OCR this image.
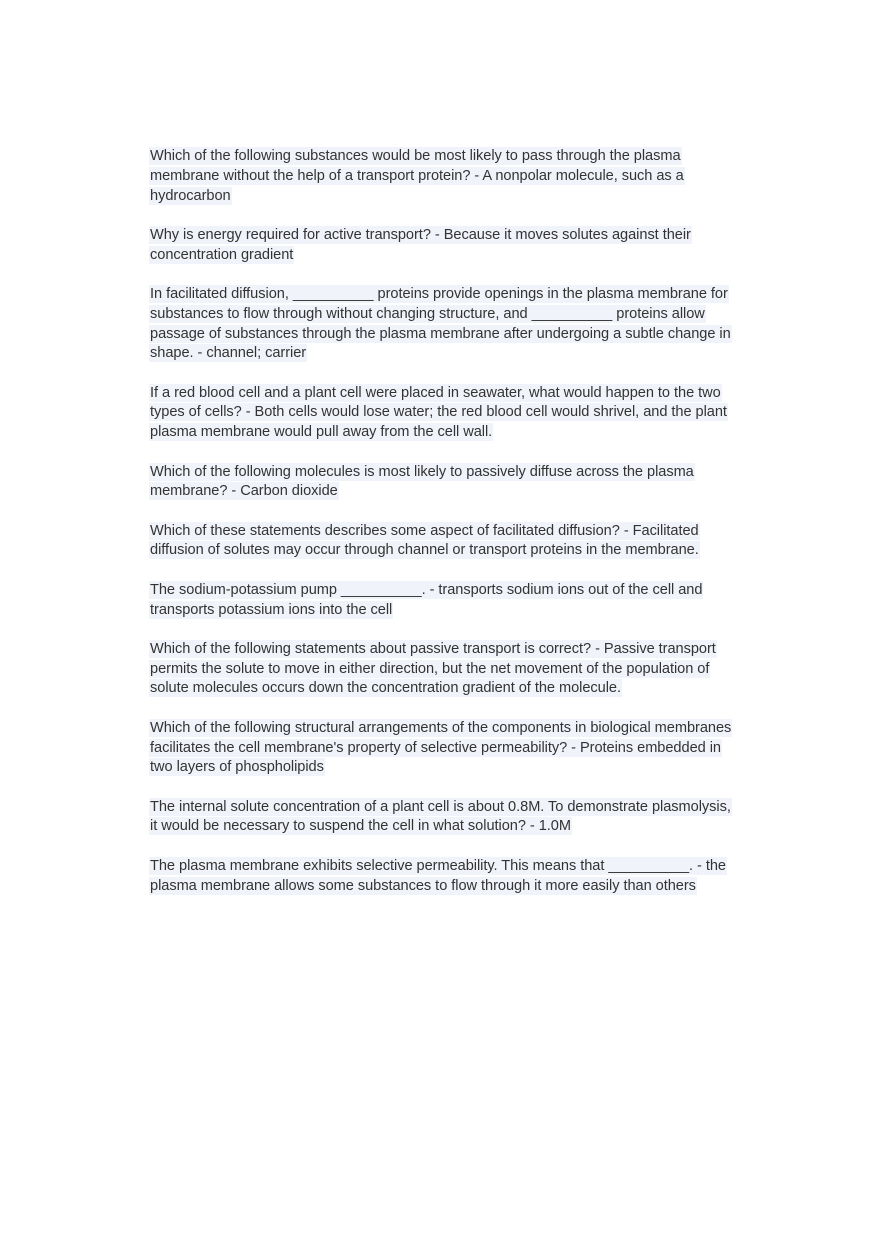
Which of the following substances would be most likely to pass through the plasma membrane without the help of a transport protein? - A nonpolar molecule, such as a hydrocarbon

Why is energy required for active transport? - Because it moves solutes against their concentration gradient

In facilitated diffusion, __________ proteins provide openings in the plasma membrane for substances to flow through without changing structure, and __________ proteins allow passage of substances through the plasma membrane after undergoing a subtle change in shape. - channel; carrier

If a red blood cell and a plant cell were placed in seawater, what would happen to the two types of cells? - Both cells would lose water; the red blood cell would shrivel, and the plant plasma membrane would pull away from the cell wall.

Which of the following molecules is most likely to passively diffuse across the plasma membrane? - Carbon dioxide

Which of these statements describes some aspect of facilitated diffusion? - Facilitated diffusion of solutes may occur through channel or transport proteins in the membrane.

The sodium-potassium pump __________. - transports sodium ions out of the cell and transports potassium ions into the cell

Which of the following statements about passive transport is correct? - Passive transport permits the solute to move in either direction, but the net movement of the population of solute molecules occurs down the concentration gradient of the molecule.

Which of the following structural arrangements of the components in biological membranes facilitates the cell membrane's property of selective permeability? - Proteins embedded in two layers of phospholipids

The internal solute concentration of a plant cell is about 0.8M. To demonstrate plasmolysis, it would be necessary to suspend the cell in what solution? - 1.0M

The plasma membrane exhibits selective permeability. This means that __________. - the plasma membrane allows some substances to flow through it more easily than others
